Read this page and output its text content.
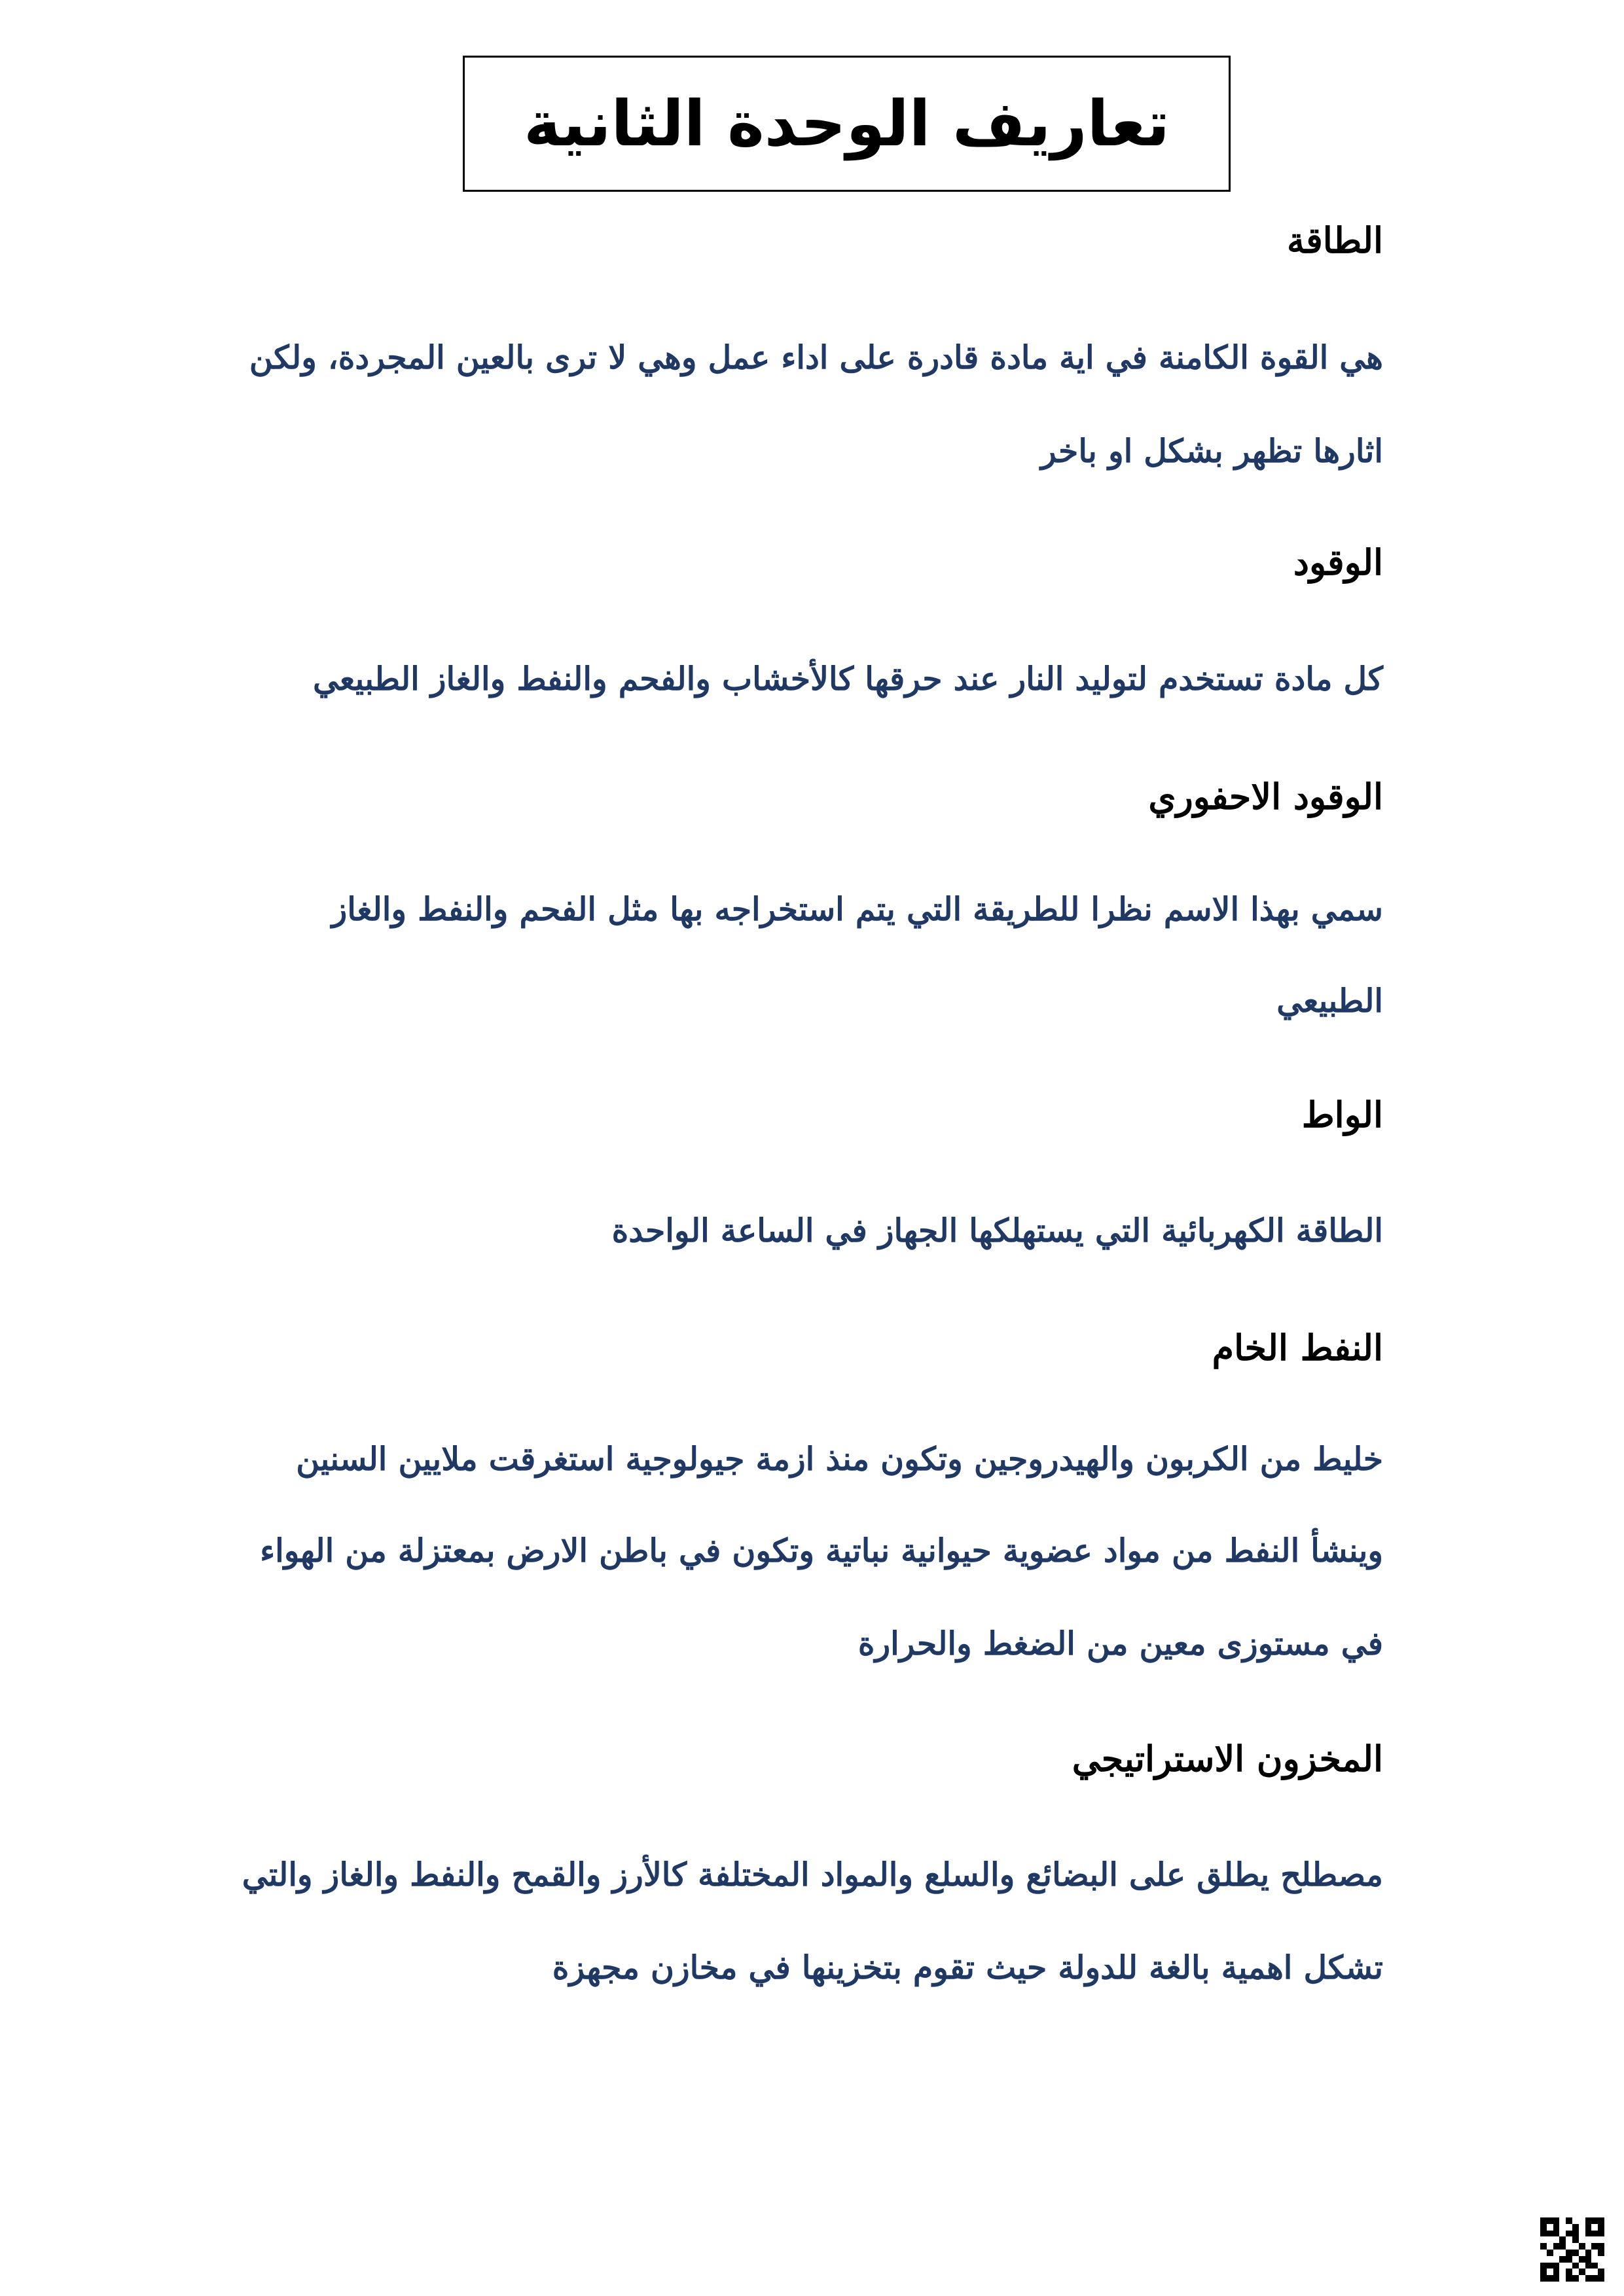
تعاريف الوحدة الثانية
الطاقة
هي القوة الكامنة في اية مادة قادرة على اداء عمل وهي لا ترى بالعين المجردة، ولكن
اثارها تظهر بشكل او باخر
الوقود
كل مادة تستخدم لتوليد النار عند حرقها كالأخشاب والفحم والنفط والغاز الطبيعي
الوقود الاحفوري
سمي بهذا الاسم نظرا للطريقة التي يتم استخراجه بها مثل الفحم والنفط والغاز
الطبيعي
الواط
الطاقة الكهربائية التي يستهلكها الجهاز في الساعة الواحدة
النفط الخام
خليط من الكربون والهيدروجين وتكون منذ ازمة جيولوجية استغرقت ملايين السنين
وينشأ النفط من مواد عضوية حيوانية نباتية وتكون في باطن الارض بمعتزلة من الهواء
في مستوزى معين من الضغط والحرارة
المخزون الاستراتيجي
مصطلح يطلق على البضائع والسلع والمواد المختلفة كالأرز والقمح والنفط والغاز والتي
تشكل اهمية بالغة للدولة حيث تقوم بتخزينها في مخازن مجهزة
